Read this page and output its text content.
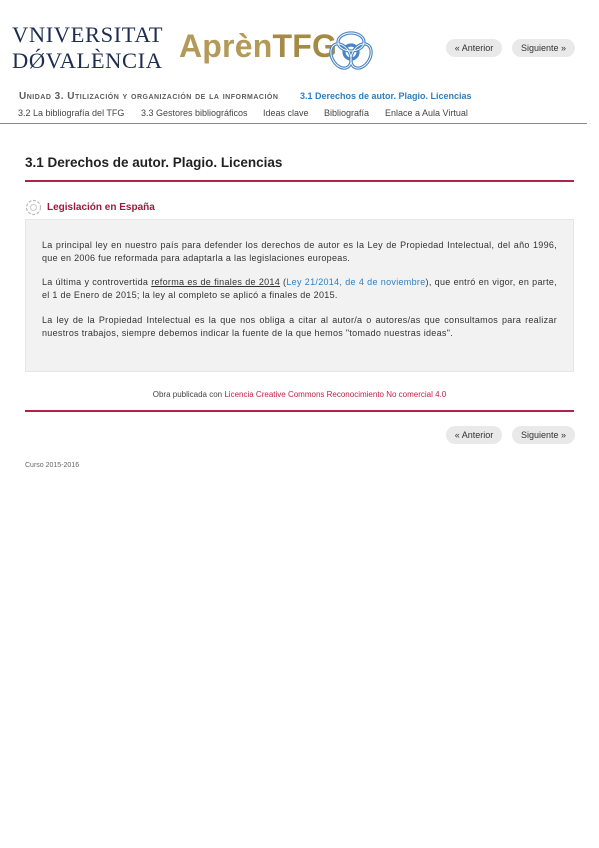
VNIVERSITAT
DǾVALÈNCIA AprènTFG	« Anterior	Siguiente »
Unidad 3. Utilización y organización de la información 3.1 Derechos de autor. Plagio. Licencias
3.2 La bibliografía del TFG 3.3 Gestores bibliográficos Ideas clave Bibliografía Enlace a Aula Virtual
3.1 Derechos de autor. Plagio. Licencias
Legislación en España
La principal ley en nuestro país para defender los derechos de autor es la Ley de Propiedad Intelectual, del año 1996, que en 2006 fue reformada para adaptarla a las legislaciones europeas.
La última y controvertida reforma es de finales de 2014 (Ley 21/2014, de 4 de noviembre), que entró en vigor, en parte, el 1 de Enero de 2015; la ley al completo se aplicó a finales de 2015.
La ley de la Propiedad Intelectual es la que nos obliga a citar al autor/a o autores/as que consultamos para realizar nuestros trabajos, siempre debemos indicar la fuente de la que hemos "tomado nuestras ideas".
Obra publicada con Licencia Creative Commons Reconocimiento No comercial 4.0
« Anterior	Siguiente »
Curso 2015-2016
